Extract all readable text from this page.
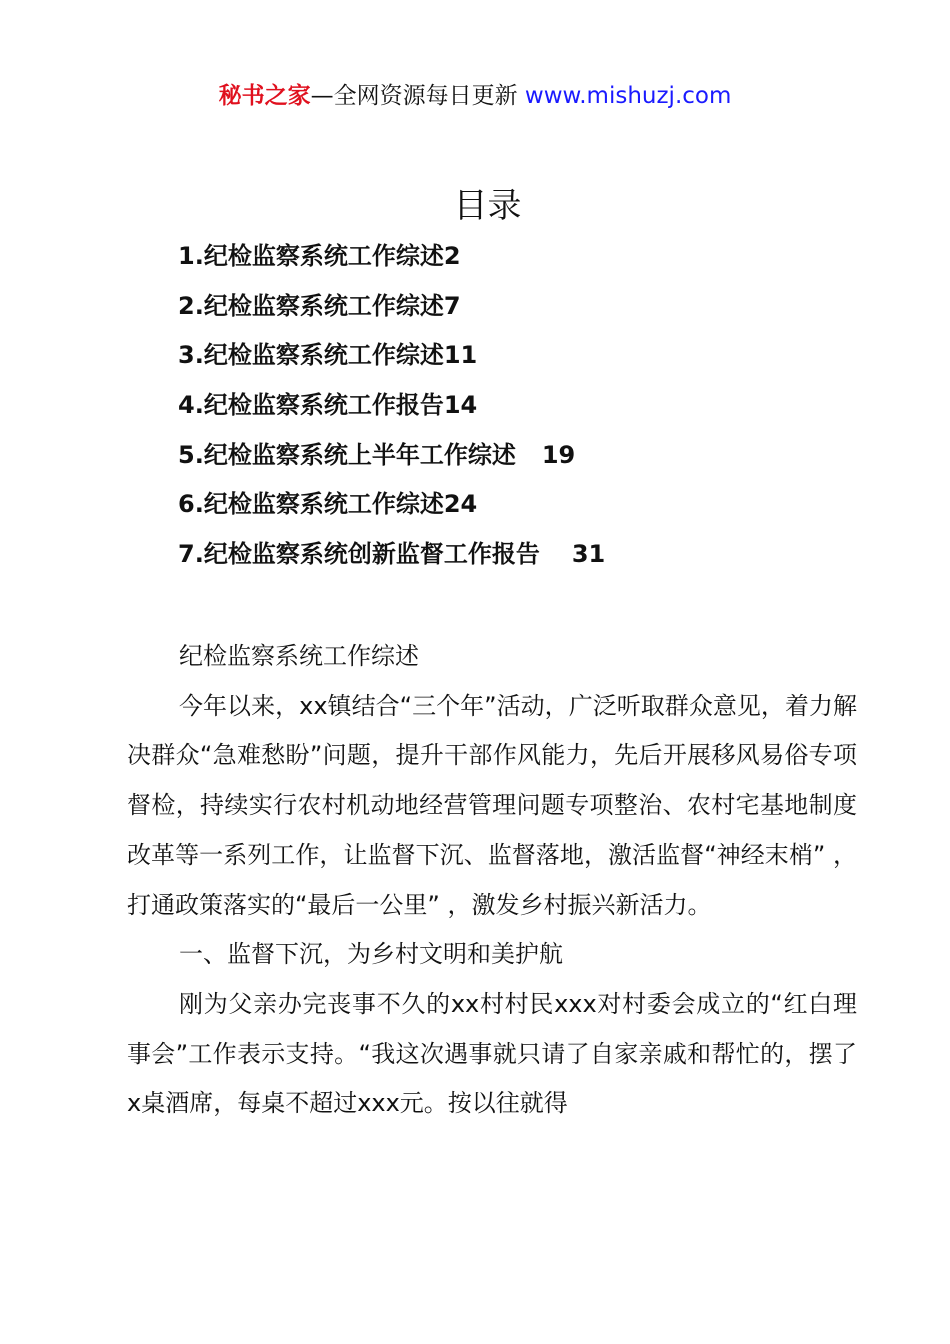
秘书之家—全网资源每日更新 www.mishuzj.com
目录
1.纪检监察系统工作综述2
2.纪检监察系统工作综述7
3.纪检监察系统工作综述11
4.纪检监察系统工作报告14
5.纪检监察系统上半年工作综述 19
6.纪检监察系统工作综述24
7.纪检监察系统创新监督工作报告 31

纪检监察系统工作综述

今年以来，xx镇结合“三个年”活动，广泛听取群众意见，着力解决群众“急难愁盼”问题，提升干部作风能力，先后开展移风易俗专项督检，持续实行农村机动地经营管理问题专项整治、农村宅基地制度改革等一系列工作，让监督下沉、监督落地，激活监督“神经末梢” ，打通政策落实的“最后一公里” ，激发乡村振兴新活力。

一、监督下沉，为乡村文明和美护航

刚为父亲办完丧事不久的xx村村民xxx对村委会成立的“红白理事会”工作表示支持。“我这次遇事就只请了自家亲戚和帮忙的，摆了x桌酒席，每桌不超过xxx元。按以往就得
